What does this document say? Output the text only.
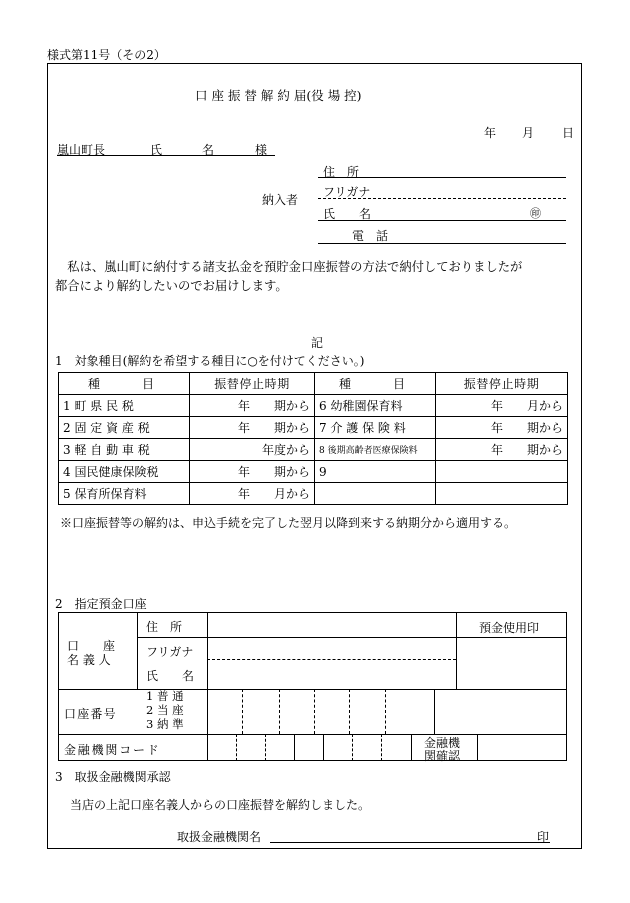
様式第11号（その2）
口 座 振 替 解 約 届(役 場 控)
年 月 日
嵐山町長	氏	名	様
納入者
住　所
フリガナ
氏　　名	㊞
電　話
　私は、嵐山町に納付する諸支払金を預貯金口座振替の方法で納付しておりましたが
都合により解約したいのでお届けします。
記
1　対象種目(解約を希望する種目に○を付けてください。)
種　　目	振替停止時期	種　　目	振替停止時期
1 町 県 民 税	年　　期から	6 幼稚園保育料	年　　月から
2 固 定 資 産 税	年　　期から	7 介 護 保 険 料	年　　期から
3 軽 自 動 車 税	年度から	8 後期高齢者医療保険料	年　　期から
4 国民健康保険税	年　　期から	9	
5 保育所保育料	年　　月から		
※口座振替等の解約は、申込手続を完了した翌月以降到来する納期分から適用する。
2　指定預金口座
口　　座
名 義 人
住　所
フリガナ
氏　　名
預金使用印
口座番号
1 普 通
2 当 座
3 納 準
金融機関コード	金融機
関確認
3　取扱金融機関承認
当店の上記口座名義人からの口座振替を解約しました。
取扱金融機関名	印
